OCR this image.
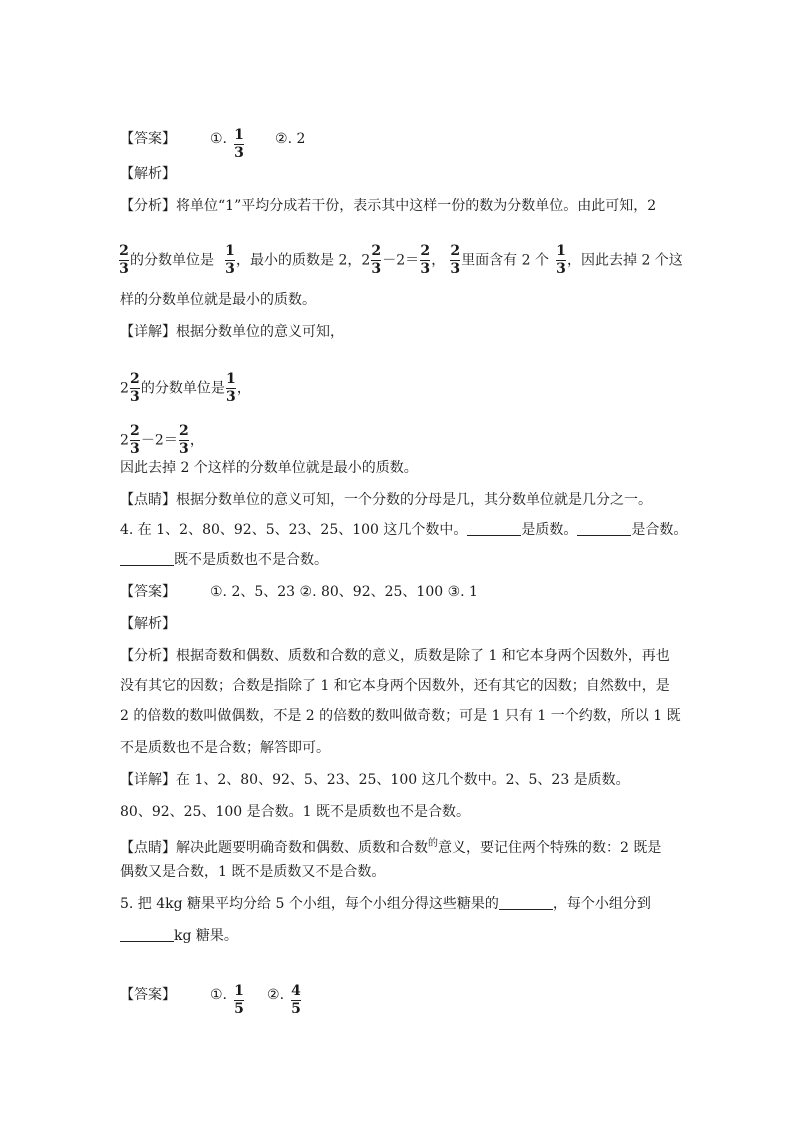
【答案】 ①. $\frac{1}{3}$ ②. 2
【解析】
【分析】将单位“1”平均分成若干份，表示其中这样一份的数为分数单位。由此可知，2
$\frac{2}{3}$ 的分数单位是 $\frac{1}{3}$ ，最小的质数是 2，$2 \frac{2}{3} -2= \frac{2}{3}$ ， $\frac{2}{3}$ 里面含有 2 个 $\frac{1}{3}$ ，因此去掉 2 个这
样的分数单位就是最小的质数。
【详解】根据分数单位的意义可知，
$2 \frac{2}{3}$ 的分数单位是 $\frac{1}{3}$ ，
$2 \frac{2}{3} -2= \frac{2}{3}$ ，
因此去掉 2 个这样的分数单位就是最小的质数。
【点睛】根据分数单位的意义可知，一个分数的分母是几，其分数单位就是几分之一。
4. 在 1、2、80、92、5、23、25、100 这几个数中。	是质数。	是合数。
既不是质数也不是合数。
【答案】 ①. 2、5、23 ②. 80、92、25、100 ③. 1
【解析】
【分析】根据奇数和偶数、质数和合数的意义，质数是除了 1 和它本身两个因数外，再也
没有其它的因数；合数是指除了 1 和它本身两个因数外，还有其它的因数；自然数中，是
2 的倍数的数叫做偶数，不是 2 的倍数的数叫做奇数；可是 1 只有 1 一个约数，所以 1 既
不是质数也不是合数；解答即可。
【详解】在 1、2、80、92、5、23、25、100 这几个数中。2、5、23 是质数。
80、92、25、100 是合数。1 既不是质数也不是合数。
【点睛】解决此题要明确奇数和偶数、质数和合数$^的$意义，要记住两个特殊的数：2 既是
偶数又是合数，1 既不是质数又不是合数。
5. 把 4kg 糖果平均分给 5 个小组，每个小组分得这些糖果的	，每个小组分到
kg 糖果。
【答案】 ①. $\frac{1}{5}$ ②. $\frac{4}{5}$
